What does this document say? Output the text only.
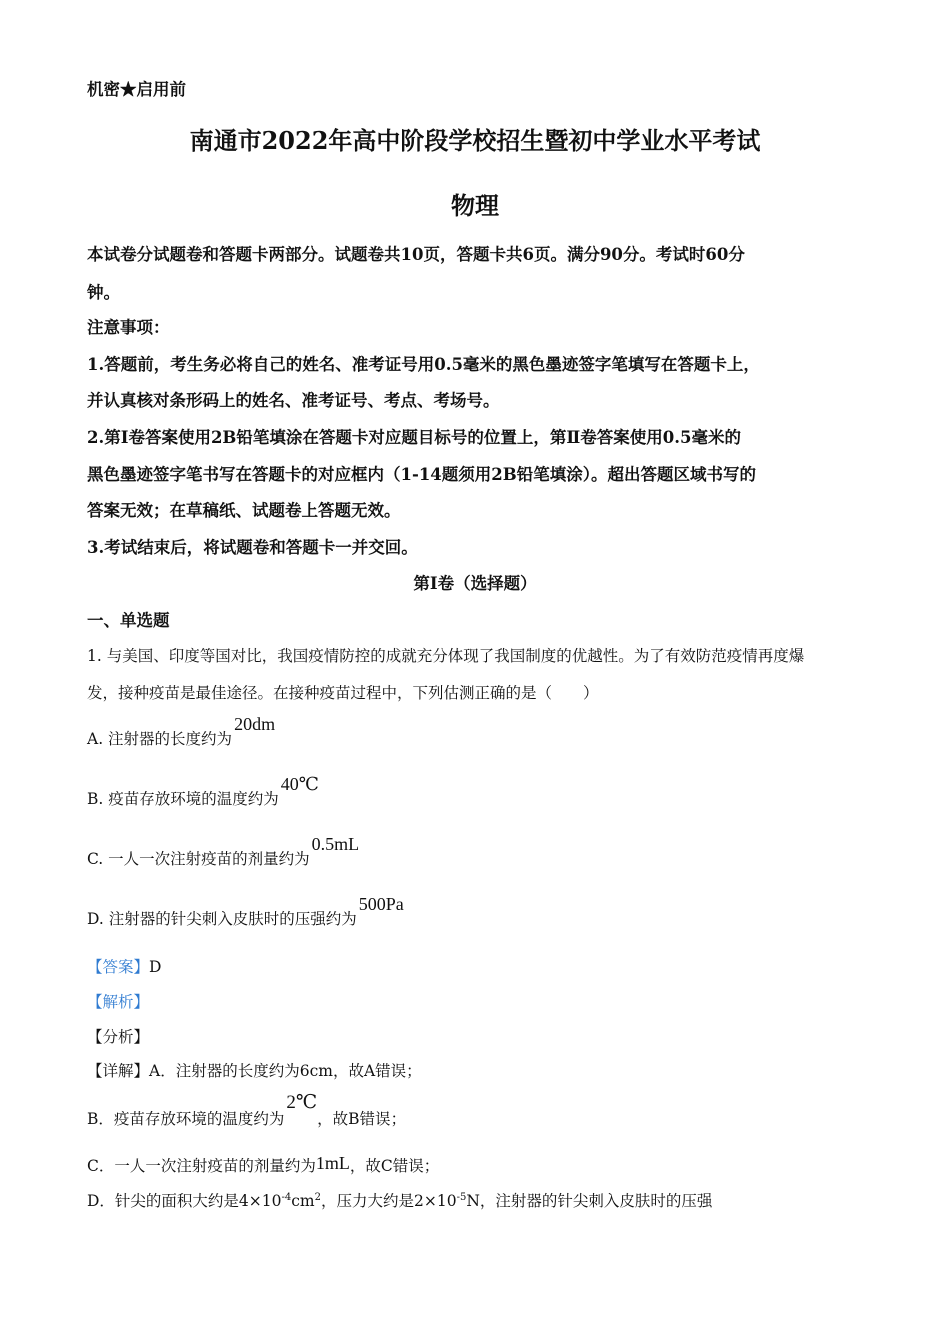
机密★启用前
南通市2022年高中阶段学校招生暨初中学业水平考试
物理
本试卷分试题卷和答题卡两部分。试题卷共10页，答题卡共6页。满分90分。考试时60分
钟。
注意事项：
1.答题前，考生务必将自己的姓名、准考证号用0.5毫米的黑色墨迹签字笔填写在答题卡上，
并认真核对条形码上的姓名、准考证号、考点、考场号。
2.第Ⅰ卷答案使用2B铅笔填涂在答题卡对应题目标号的位置上，第Ⅱ卷答案使用0.5毫米的
黑色墨迹签字笔书写在答题卡的对应框内（1-14题须用2B铅笔填涂）。超出答题区域书写的
答案无效；在草稿纸、试题卷上答题无效。
3.考试结束后，将试题卷和答题卡一并交回。
第Ⅰ卷（选择题）
一、单选题
1. 与美国、印度等国对比，我国疫情防控的成就充分体现了我国制度的优越性。为了有效防范疫情再度爆
发，接种疫苗是最佳途径。在接种疫苗过程中，下列估测正确的是（　　）
A. 注射器的长度约为20dm
B. 疫苗存放环境的温度约为40℃
C. 一人一次注射疫苗的剂量约为0.5mL
D. 注射器的针尖刺入皮肤时的压强约为500Pa
【答案】D
【解析】
【分析】
【详解】A．注射器的长度约为6cm，故A错误；
B．疫苗存放环境的温度约为2℃，故B错误；
C．一人一次注射疫苗的剂量约为1mL，故C错误；
D．针尖的面积大约是$4\times 10^{-4}cm^2$，压力大约是$2\times 10^{-5}N$，注射器的针尖刺入皮肤时的压强
